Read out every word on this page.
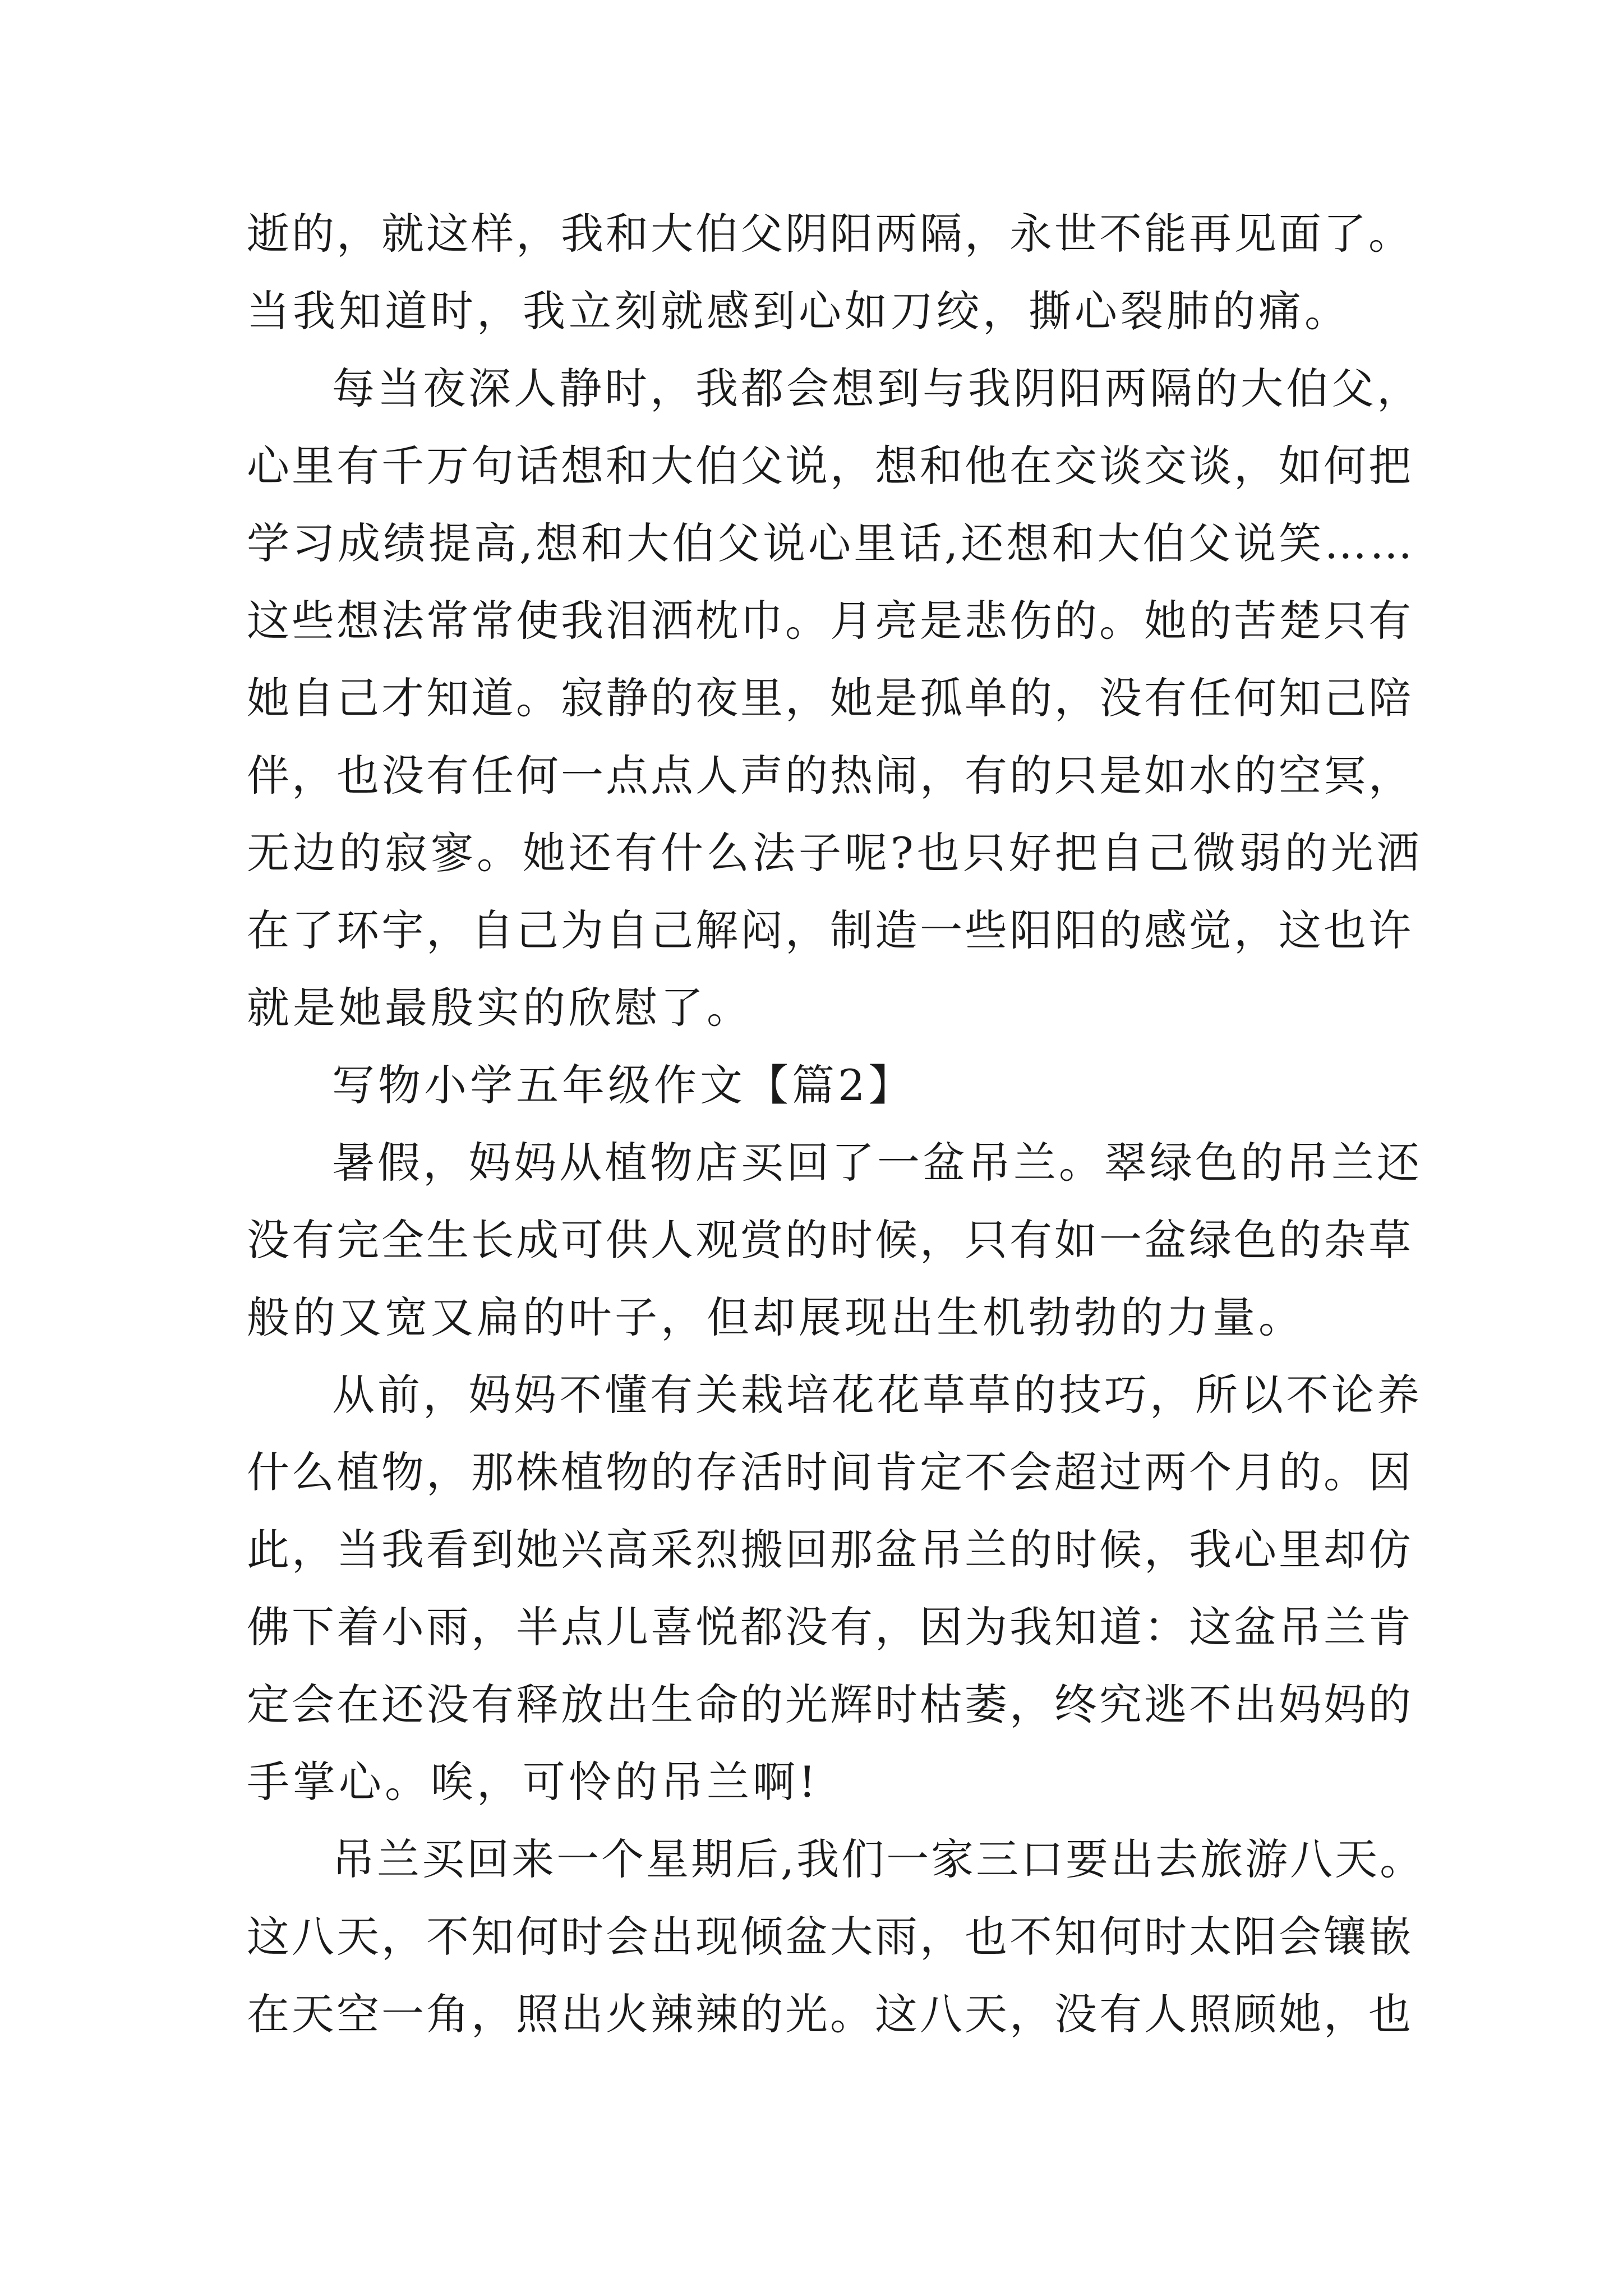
逝的，就这样，我和大伯父阴阳两隔，永世不能再见面了。
当我知道时，我立刻就感到心如刀绞，撕心裂肺的痛。
每当夜深人静时，我都会想到与我阴阳两隔的大伯父，
心里有千万句话想和大伯父说，想和他在交谈交谈，如何把
学习成绩提高,想和大伯父说心里话,还想和大伯父说笑……
这些想法常常使我泪洒枕巾。月亮是悲伤的。她的苦楚只有
她自己才知道。寂静的夜里，她是孤单的，没有任何知己陪
伴，也没有任何一点点人声的热闹，有的只是如水的空冥，
无边的寂寥。她还有什么法子呢?也只好把自己微弱的光洒
在了环宇，自己为自己解闷，制造一些阳阳的感觉，这也许
就是她最殷实的欣慰了。
写物小学五年级作文【篇2】
暑假，妈妈从植物店买回了一盆吊兰。翠绿色的吊兰还
没有完全生长成可供人观赏的时候，只有如一盆绿色的杂草
般的又宽又扁的叶子，但却展现出生机勃勃的力量。
从前，妈妈不懂有关栽培花花草草的技巧，所以不论养
什么植物，那株植物的存活时间肯定不会超过两个月的。因
此，当我看到她兴高采烈搬回那盆吊兰的时候，我心里却仿
佛下着小雨，半点儿喜悦都没有，因为我知道：这盆吊兰肯
定会在还没有释放出生命的光辉时枯萎，终究逃不出妈妈的
手掌心。唉，可怜的吊兰啊!
吊兰买回来一个星期后,我们一家三口要出去旅游八天。
这八天，不知何时会出现倾盆大雨，也不知何时太阳会镶嵌
在天空一角，照出火辣辣的光。这八天，没有人照顾她，也
